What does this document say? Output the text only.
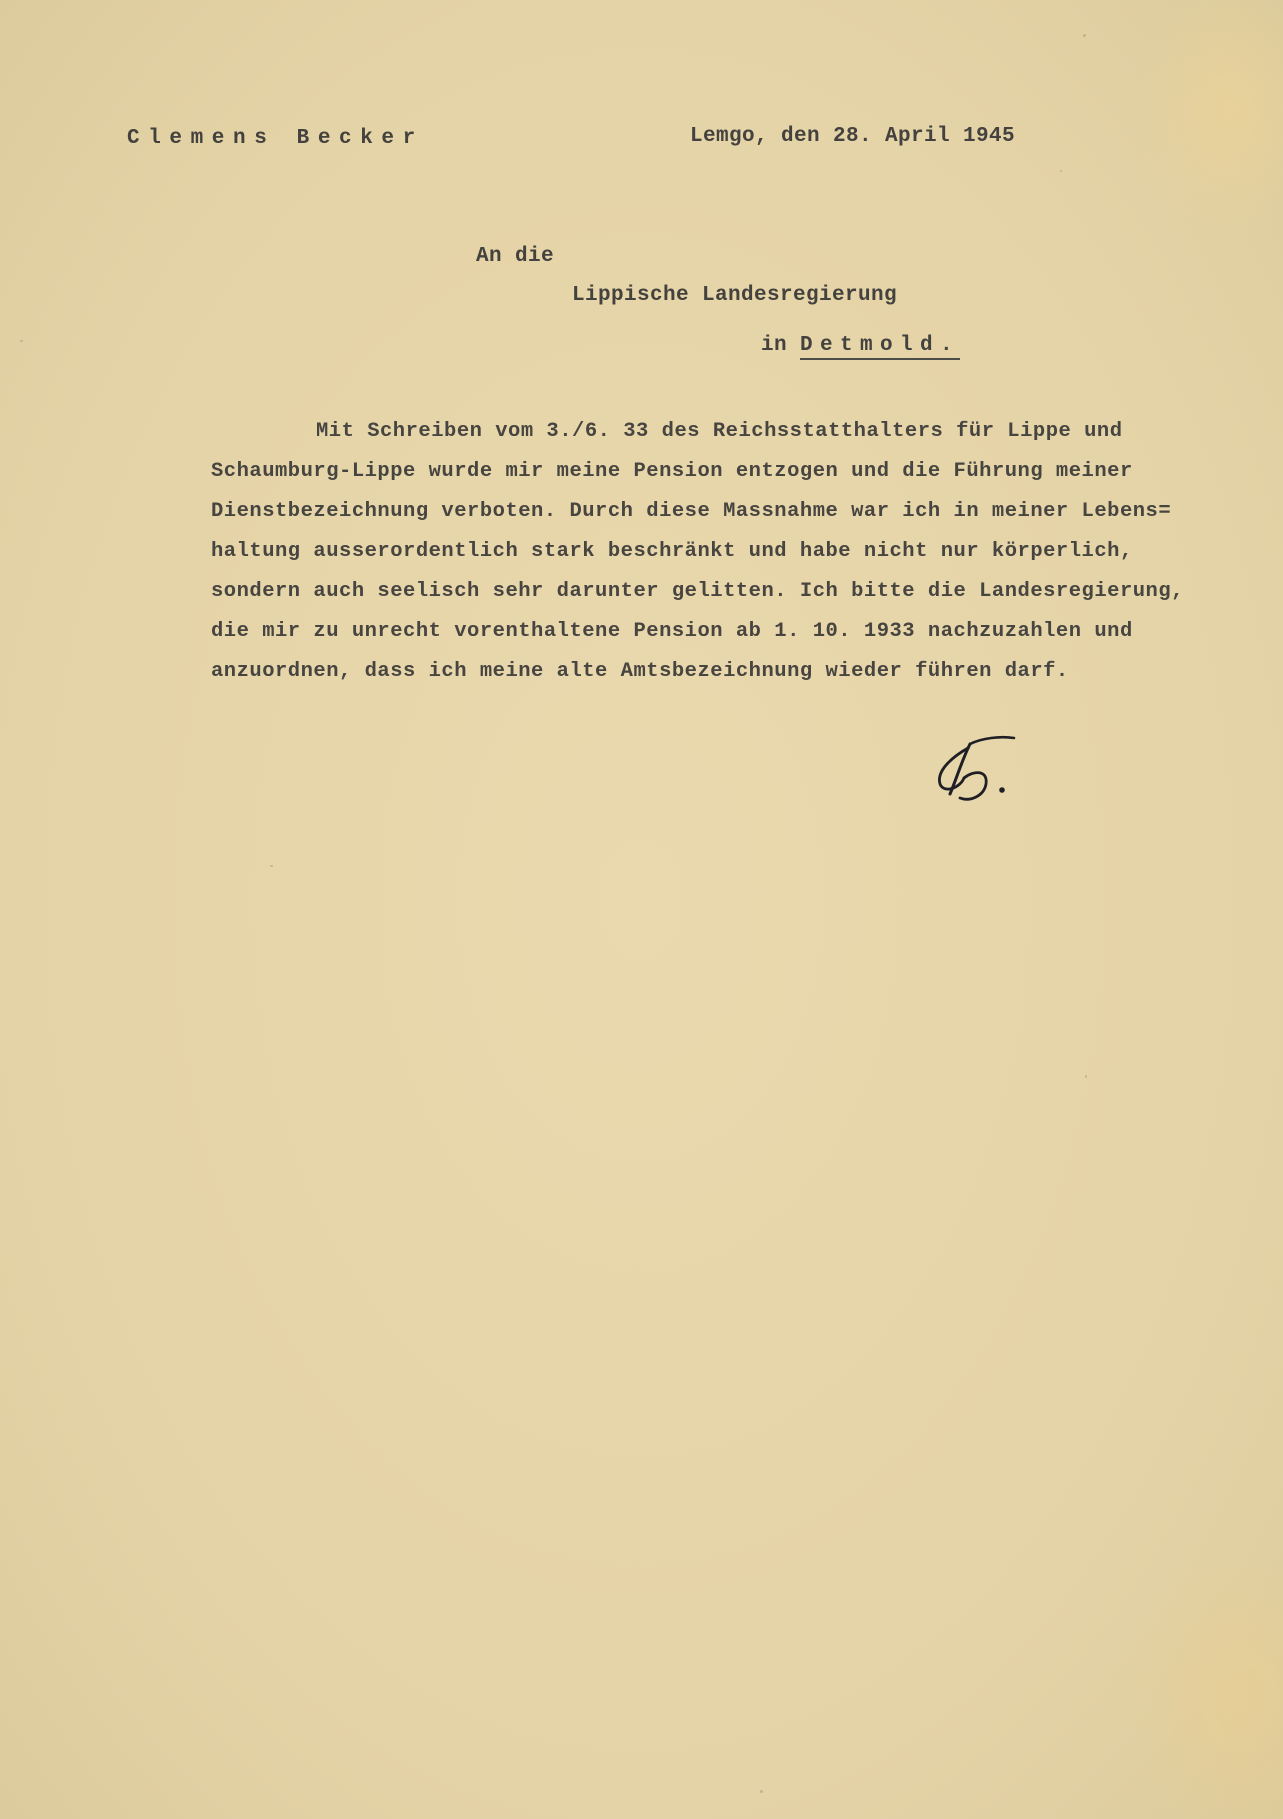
Clemens Becker	Lemgo, den 28. April 1945
An die
Lippische Landesregierung
in Detmold.

Mit Schreiben vom 3./6. 33 des Reichsstatthalters für Lippe und
Schaumburg-Lippe wurde mir meine Pension entzogen und die Führung meiner
Dienstbezeichnung verboten. Durch diese Massnahme war ich in meiner Lebens=
haltung ausserordentlich stark beschränkt und habe nicht nur körperlich,
sondern auch seelisch sehr darunter gelitten. Ich bitte die Landesregierung,
die mir zu unrecht vorenthaltene Pension ab 1. 10. 1933 nachzuzahlen und
anzuordnen, dass ich meine alte Amtsbezeichnung wieder führen darf.
